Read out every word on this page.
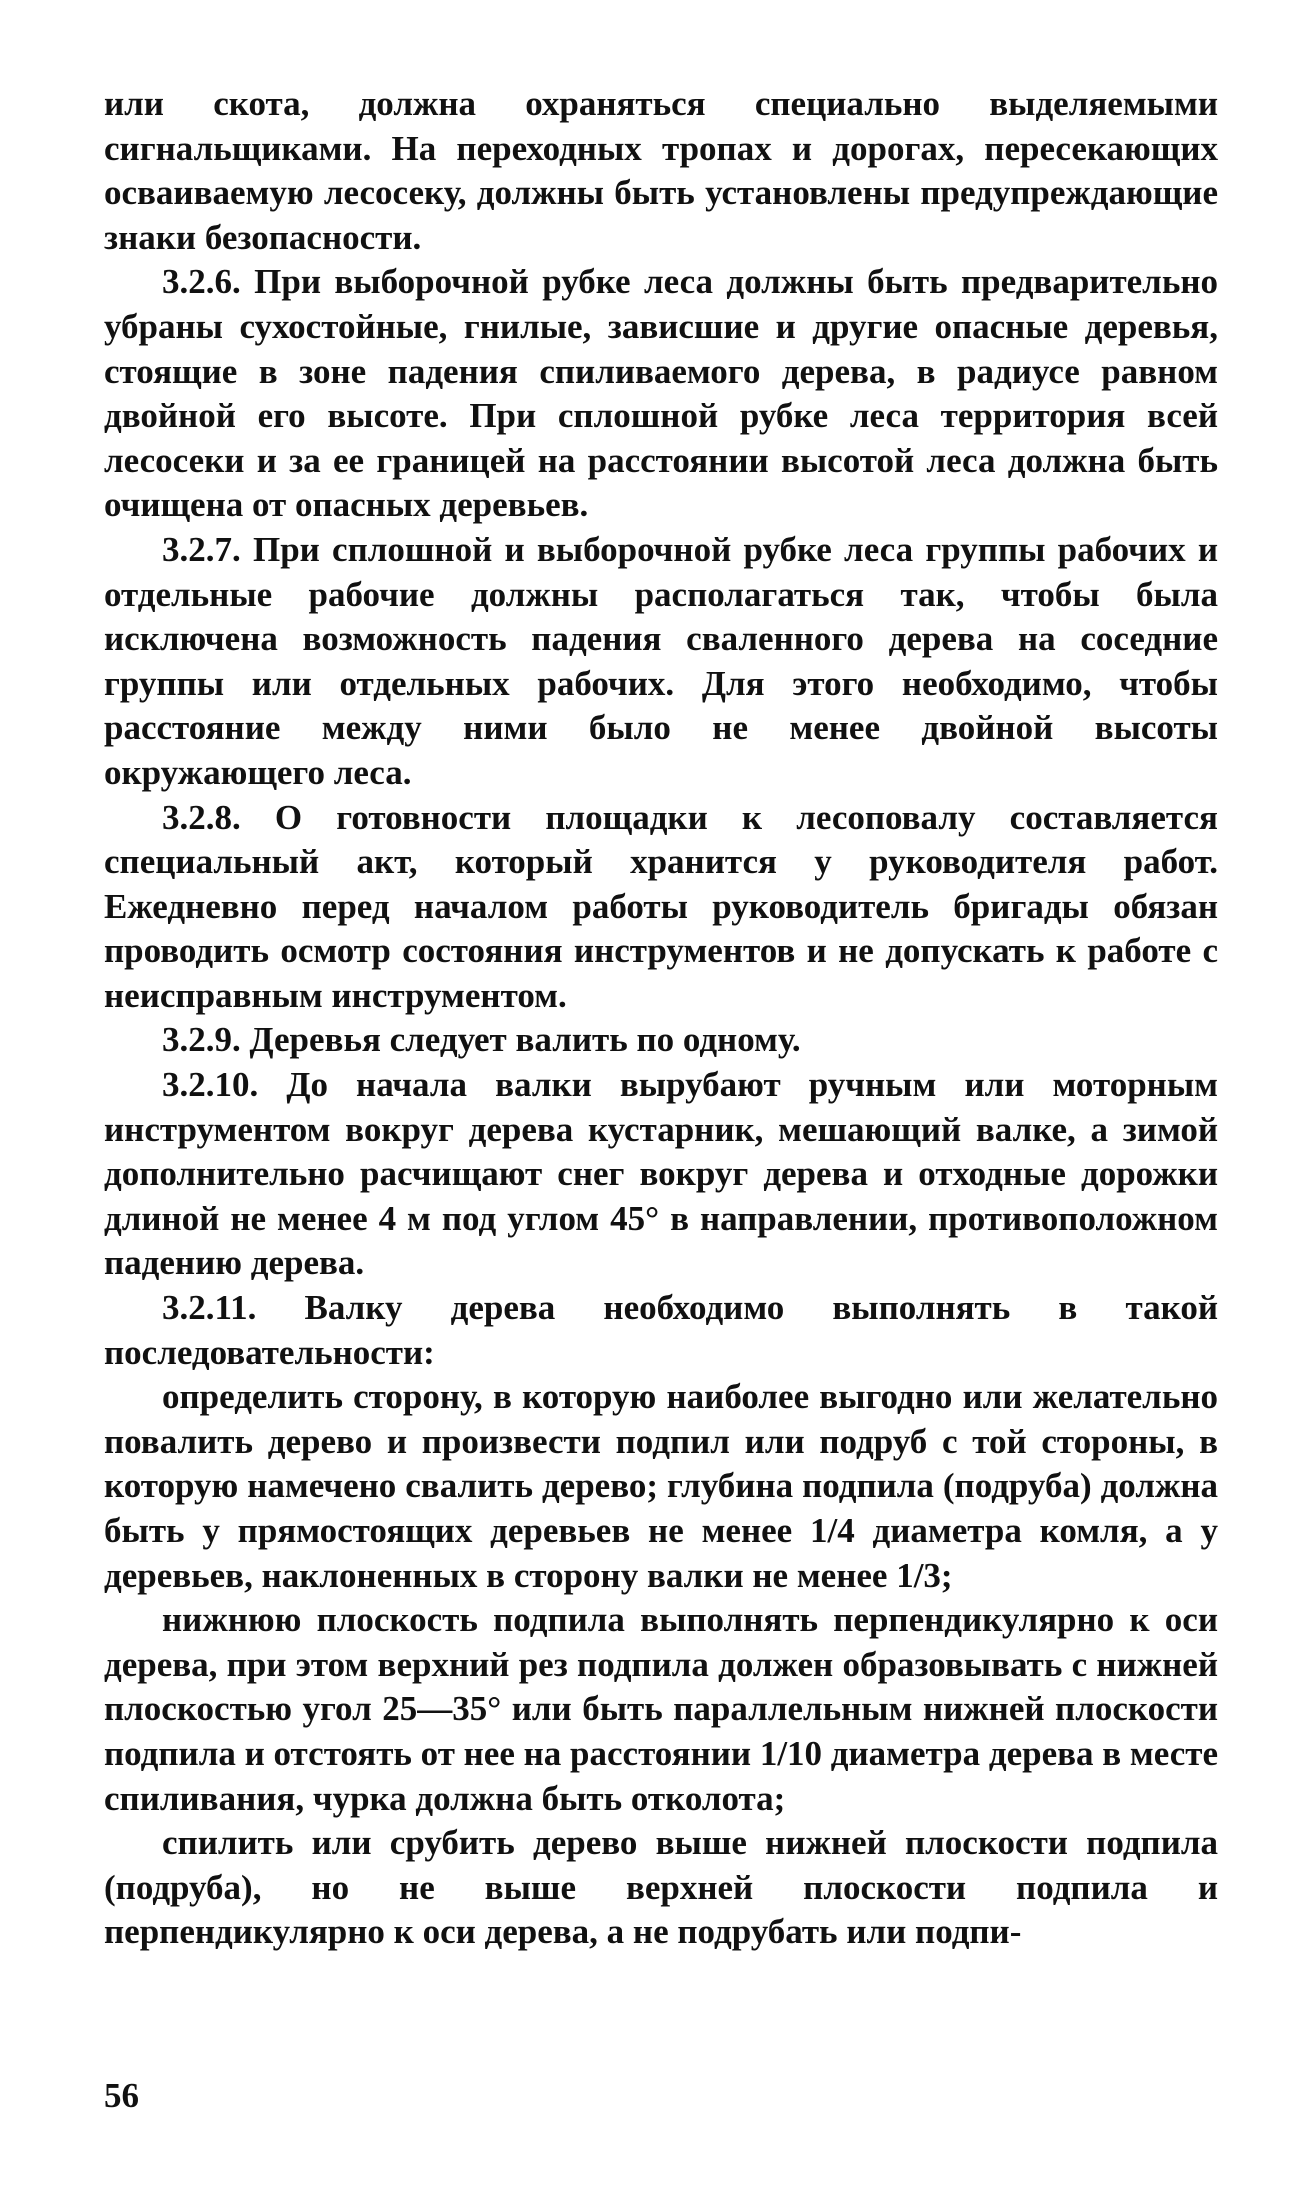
или скота, должна охраняться специально выделяемыми сигнальщиками. На переходных тропах и дорогах, пересекающих осваиваемую лесосеку, должны быть установлены предупреждающие знаки безопасности.

3.2.6. При выборочной рубке леса должны быть предварительно убраны сухостойные, гнилые, зависшие и другие опасные деревья, стоящие в зоне падения спиливаемого дерева, в радиусе равном двойной его высоте. При сплошной рубке леса территория всей лесосеки и за ее границей на расстоянии высотой леса должна быть очищена от опасных деревьев.

3.2.7. При сплошной и выборочной рубке леса группы рабочих и отдельные рабочие должны располагаться так, чтобы была исключена возможность падения сваленного дерева на соседние группы или отдельных рабочих. Для этого необходимо, чтобы расстояние между ними было не менее двойной высоты окружающего леса.

3.2.8. О готовности площадки к лесоповалу составляется специальный акт, который хранится у руководителя работ. Ежедневно перед началом работы руководитель бригады обязан проводить осмотр состояния инструментов и не допускать к работе с неисправным инструментом.

3.2.9. Деревья следует валить по одному.

3.2.10. До начала валки вырубают ручным или моторным инструментом вокруг дерева кустарник, мешающий валке, а зимой дополнительно расчищают снег вокруг дерева и отходные дорожки длиной не менее 4 м под углом 45° в направлении, противоположном падению дерева.

3.2.11. Валку дерева необходимо выполнять в такой последовательности:

определить сторону, в которую наиболее выгодно или желательно повалить дерево и произвести подпил или подруб с той стороны, в которую намечено свалить дерево; глубина подпила (подруба) должна быть у прямостоящих деревьев не менее 1/4 диаметра комля, а у деревьев, наклоненных в сторону валки не менее 1/3;

нижнюю плоскость подпила выполнять перпендикулярно к оси дерева, при этом верхний рез подпила должен образовывать с нижней плоскостью угол 25—35° или быть параллельным нижней плоскости подпила и отстоять от нее на расстоянии 1/10 диаметра дерева в месте спиливания, чурка должна быть отколота;

спилить или срубить дерево выше нижней плоскости подпила (подруба), но не выше верхней плоскости подпила и перпендикулярно к оси дерева, а не подрубать или подпи-

56
